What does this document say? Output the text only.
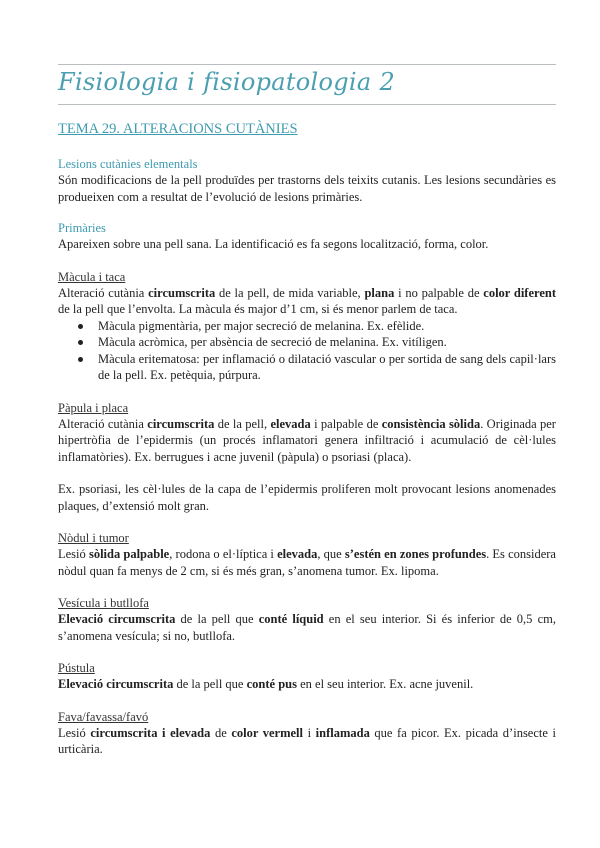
Fisiologia i fisiopatologia 2
TEMA 29. ALTERACIONS CUTÀNIES
Lesions cutànies elementals

Són modificacions de la pell produïdes per trastorns dels teixits cutanis. Les lesions secundàries es produeixen com a resultat de l’evolució de lesions primàries.

Primàries

Apareixen sobre una pell sana. La identificació es fa segons localització, forma, color.

Màcula i taca

Alteració cutània circumscrita de la pell, de mida variable, plana i no palpable de color diferent de la pell que l’envolta. La màcula és major d’1 cm, si és menor parlem de taca.

Màcula pigmentària, per major secreció de melanina. Ex. efèlide.
Màcula acròmica, per absència de secreció de melanina. Ex. vitíligen.
Màcula eritematosa: per inflamació o dilatació vascular o per sortida de sang dels capil·lars de la pell. Ex. petèquia, púrpura.
Pàpula i placa

Alteració cutània circumscrita de la pell, elevada i palpable de consistència sòlida. Originada per hipertròfia de l’epidermis (un procés inflamatori genera infiltració i acumulació de cèl·lules inflamatòries). Ex. berrugues i acne juvenil (pàpula) o psoriasi (placa).

Ex. psoriasi, les cèl·lules de la capa de l’epidermis proliferen molt provocant lesions anomenades plaques, d’extensió molt gran.

Nòdul i tumor

Lesió sòlida palpable, rodona o el·líptica i elevada, que s’estén en zones profundes. Es considera nòdul quan fa menys de 2 cm, si és més gran, s’anomena tumor. Ex. lipoma.

Vesícula i butllofa

Elevació circumscrita de la pell que conté líquid en el seu interior. Si és inferior de 0,5 cm, s’anomena vesícula; si no, butllofa.

Pústula

Elevació circumscrita de la pell que conté pus en el seu interior. Ex. acne juvenil.

Fava/favassa/favó

Lesió circumscrita i elevada de color vermell i inflamada que fa picor. Ex. picada d’insecte i urticària.
